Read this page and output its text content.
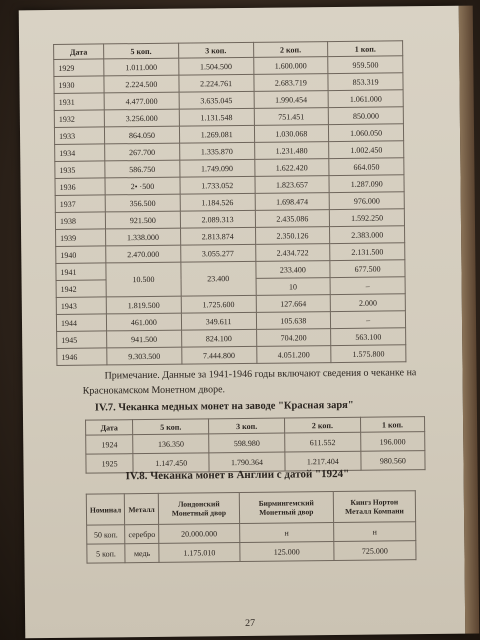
Дата	5 коп.	3 коп.	2 коп.	1 коп.
1929	1.011.000	1.504.500	1.600.000	959.500
1930	2.224.500	2.224.761	2.683.719	853.319
1931	4.477.000	3.635.045	1.990.454	1.061.000
1932	3.256.000	1.131.548	751.451	850.000
1933	864.050	1.269.081	1.030.068	1.060.050
1934	267.700	1.335.870	1.231.480	1.002.450
1935	586.750	1.749.090	1.622.420	664.050
1936	2• ·500	1.733.052	1.823.657	1.287.090
1937	356.500	1.184.526	1.698.474	976.000
1938	921.500	2.089.313	2.435.086	1.592.250
1939	1.338.000	2.813.874	2.350.126	2.383.000
1940	2.470.000	3.055.277	2.434.722	2.131.500
1941	10.500	23.400	233.400	677.500
1942			10	–
1943	1.819.500	1.725.600	127.664	2.000
1944	461.000	349.611	105.638	–
1945	941.500	824.100	704.200	563.100
1946	9.303.500	7.444.800	4.051.200	1.575.800
Примечание. Данные за 1941-1946 годы включают сведения о чеканке на Краснокамском Монетном дворе.
IV.7. Чеканка медных монет на заводе "Красная заря"
Дата	5 коп.	3 коп.	2 коп.	1 коп.
1924	136.350	598.980	611.552	196.000
1925	1.147.450	1.790.364	1.217.404	980.560
IV.8. Чеканка монет в Англии с датой "1924"
Номинал	Металл	Лондонский Монетный двор	Бирмингемский Монетный двор	Кингз Нортон Металл Компани
50 коп.	серебро	20.000.000	н	н
5 коп.	медь	1.175.010	125.000	725.000
27
